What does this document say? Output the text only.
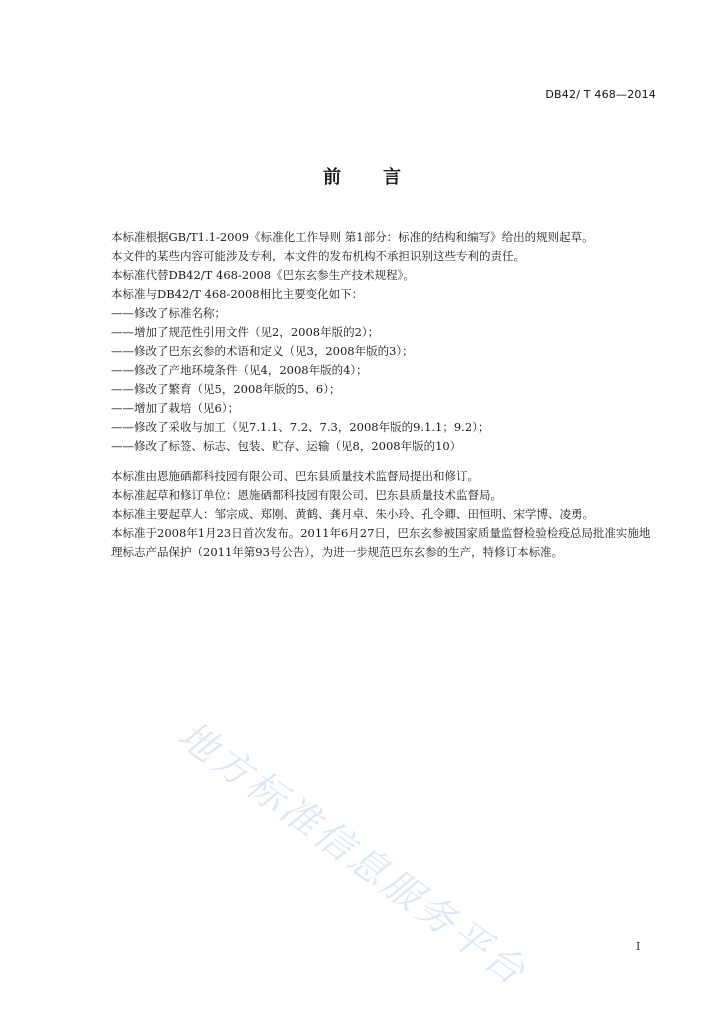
DB42/ T 468—2014
前言

本标准根据GB/T1.1-2009《标准化工作导则 第1部分：标准的结构和编写》给出的规则起草。

本文件的某些内容可能涉及专利，本文件的发布机构不承担识别这些专利的责任。

本标准代替DB42/T 468-2008《巴东玄参生产技术规程》。

本标准与DB42/T 468-2008相比主要变化如下：

——修改了标准名称；

——增加了规范性引用文件（见2，2008年版的2）；

——修改了巴东玄参的术语和定义（见3，2008年版的3）；

——修改了产地环境条件（见4，2008年版的4）；

——修改了繁育（见5，2008年版的5、6）；

——增加了栽培（见6）；

——修改了采收与加工（见7.1.1、7.2、7.3，2008年版的9.1.1；9.2）；

——修改了标签、标志、包装、贮存、运输（见8，2008年版的10）

本标准由恩施硒都科技园有限公司、巴东县质量技术监督局提出和修订。

本标准起草和修订单位：恩施硒都科技园有限公司、巴东县质量技术监督局。

本标准主要起草人：邹宗成、郑刚、黄鹤、龚月卓、朱小玲、孔令卿、田恒明、宋学博、凌勇。

本标准于2008年1月23日首次发布。2011年6月27日，巴东玄参被国家质量监督检验检疫总局批准实施地理标志产品保护（2011年第93号公告），为进一步规范巴东玄参的生产，特修订本标准。

地方标准信息服务平台	I
